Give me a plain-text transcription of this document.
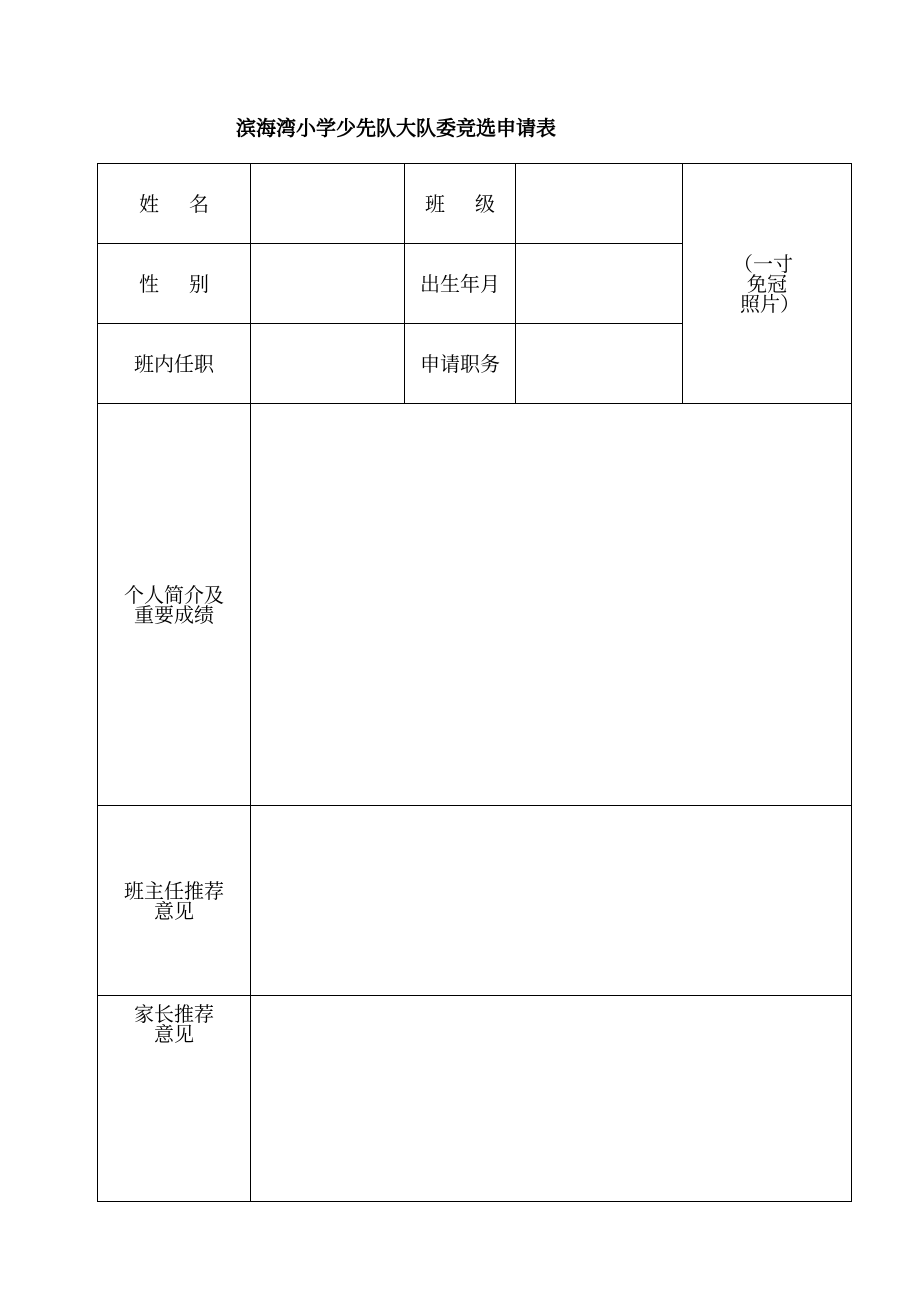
滨海湾小学少先队大队委竞选申请表
姓 名		班 级		（一寸
免冠
照片）

性 别		出生年月		
班内任职		申请职务		

个人简介及
重要成绩				

班主任推荐
意见				

家长推荐
意见				
